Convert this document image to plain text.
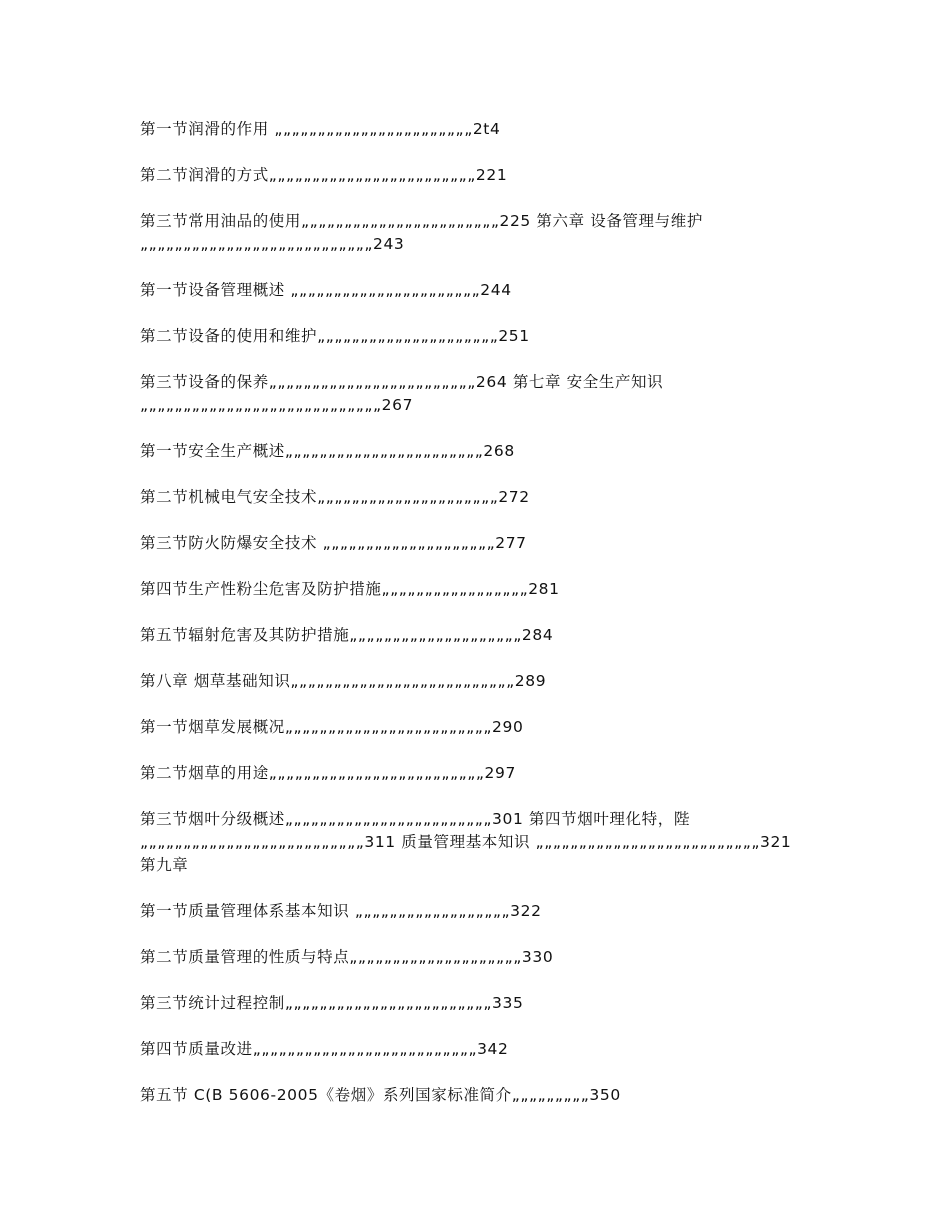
第一节润滑的作用 „„„„„„„„„„„„„„„„„„„„„„„2t4
第二节润滑的方式„„„„„„„„„„„„„„„„„„„„„„„„221
第三节常用油品的使用„„„„„„„„„„„„„„„„„„„„„„„225 第六章 设备管理与维护„„„„„„„„„„„„„„„„„„„„„„„„„„„243
第一节设备管理概述 „„„„„„„„„„„„„„„„„„„„„„244
第二节设备的使用和维护„„„„„„„„„„„„„„„„„„„„„251
第三节设备的保养„„„„„„„„„„„„„„„„„„„„„„„„264 第七章 安全生产知识„„„„„„„„„„„„„„„„„„„„„„„„„„„„267
第一节安全生产概述„„„„„„„„„„„„„„„„„„„„„„„268
第二节机械电气安全技术„„„„„„„„„„„„„„„„„„„„„272
第三节防火防爆安全技术 „„„„„„„„„„„„„„„„„„„„277
第四节生产性粉尘危害及防护措施„„„„„„„„„„„„„„„„„281
第五节辐射危害及其防护措施„„„„„„„„„„„„„„„„„„„„284
第八章 烟草基础知识„„„„„„„„„„„„„„„„„„„„„„„„„„289
第一节烟草发展概况„„„„„„„„„„„„„„„„„„„„„„„„290
第二节烟草的用途„„„„„„„„„„„„„„„„„„„„„„„„„297
第三节烟叶分级概述„„„„„„„„„„„„„„„„„„„„„„„„301 第四节烟叶理化特，陛„„„„„„„„„„„„„„„„„„„„„„„„„„311 质量管理基本知识 „„„„„„„„„„„„„„„„„„„„„„„„„„321 第九章
第一节质量管理体系基本知识 „„„„„„„„„„„„„„„„„„322
第二节质量管理的性质与特点„„„„„„„„„„„„„„„„„„„„330
第三节统计过程控制„„„„„„„„„„„„„„„„„„„„„„„„335
第四节质量改进„„„„„„„„„„„„„„„„„„„„„„„„„„342
第五节 C(B 5606-2005《卷烟》系列国家标准简介„„„„„„„„„350
